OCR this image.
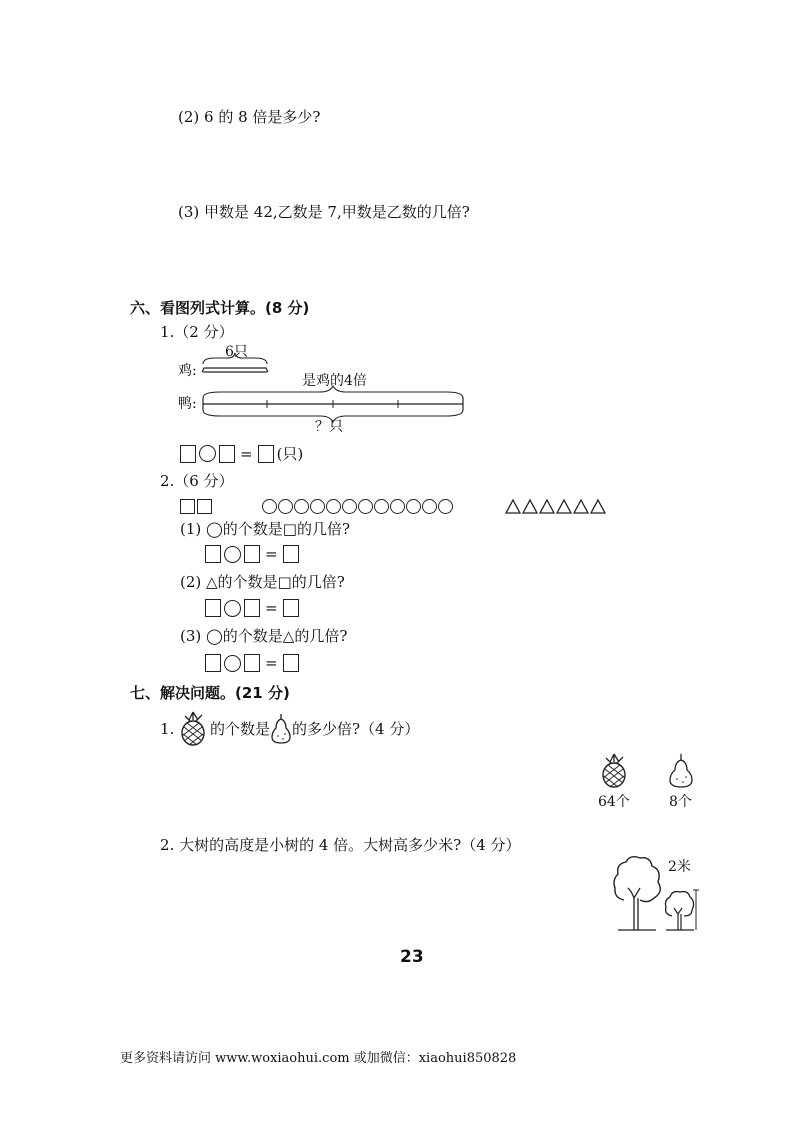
(2) 6 的 8 倍是多少?
(3) 甲数是 42,乙数是 7,甲数是乙数的几倍?
六、看图列式计算。(8 分)
1.（2 分）
鸡:
鸭:
6只
是鸡的4倍
？只
= (只)
2.（6 分）
(1) ◯的个数是□的几倍?
=
(2) △的个数是□的几倍?
=
(3) ◯的个数是△的几倍?
=
七、解决问题。(21 分)
1. 的个数是 的多少倍?（4 分）
64个	8个
2. 大树的高度是小树的 4 倍。大树高多少米?（4 分）
2米
23
更多资料请访问 www.woxiaohui.com 或加微信：xiaohui850828
